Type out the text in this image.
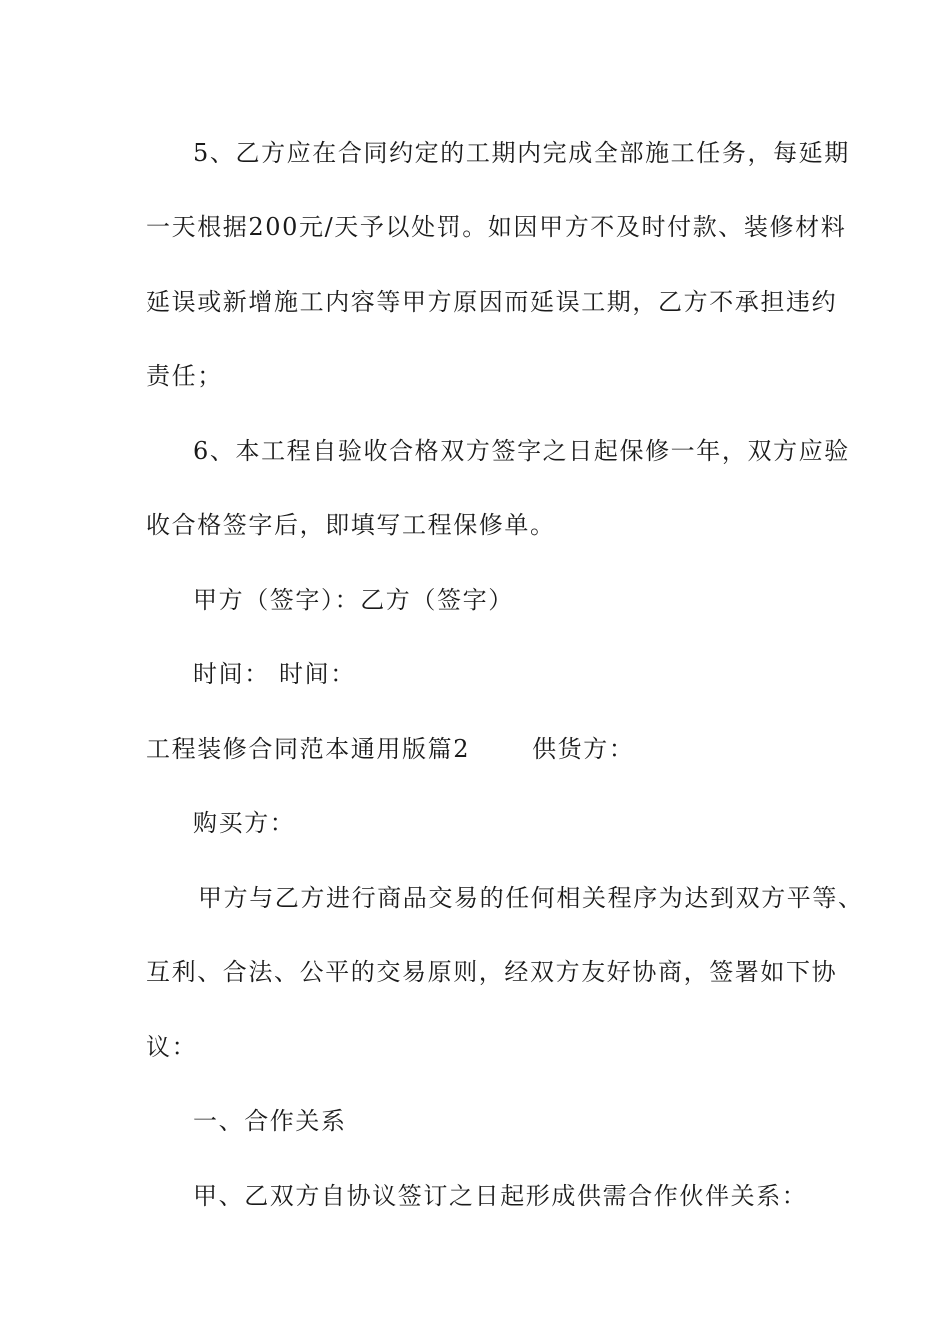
5、乙方应在合同约定的工期内完成全部施工任务，每延期
一天根据200元/天予以处罚。如因甲方不及时付款、装修材料
延误或新增施工内容等甲方原因而延误工期，乙方不承担违约
责任；
6、本工程自验收合格双方签字之日起保修一年，双方应验
收合格签字后，即填写工程保修单。
甲方（签字）：乙方（签字）
时间： 时间：
工程装修合同范本通用版篇2	供货方：
购买方：
甲方与乙方进行商品交易的任何相关程序为达到双方平等、
互利、合法、公平的交易原则，经双方友好协商，签署如下协
议：
一、合作关系
甲、乙双方自协议签订之日起形成供需合作伙伴关系：
